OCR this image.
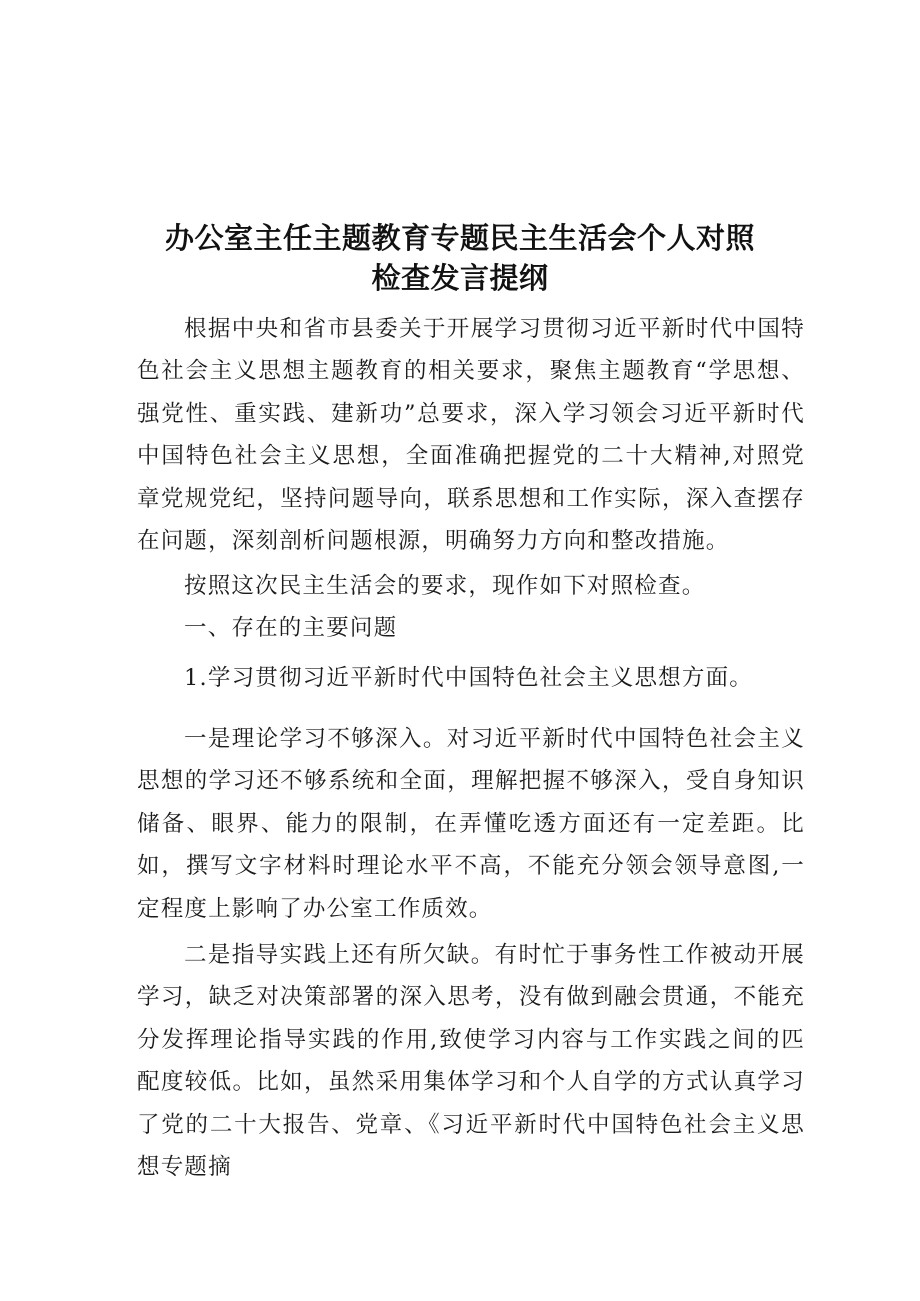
办公室主任主题教育专题民主生活会个人对照
检查发言提纲

根据中央和省市县委关于开展学习贯彻习近平新时代中国特色社会主义思想主题教育的相关要求，聚焦主题教育“学思想、强党性、重实践、建新功”总要求，深入学习领会习近平新时代中国特色社会主义思想，全面准确把握党的二十大精神,对照党章党规党纪，坚持问题导向，联系思想和工作实际，深入查摆存在问题，深刻剖析问题根源，明确努力方向和整改措施。

按照这次民主生活会的要求，现作如下对照检查。

一、存在的主要问题

1.学习贯彻习近平新时代中国特色社会主义思想方面。

一是理论学习不够深入。对习近平新时代中国特色社会主义思想的学习还不够系统和全面，理解把握不够深入，受自身知识储备、眼界、能力的限制，在弄懂吃透方面还有一定差距。比如，撰写文字材料时理论水平不高，不能充分领会领导意图,一定程度上影响了办公室工作质效。

二是指导实践上还有所欠缺。有时忙于事务性工作被动开展学习，缺乏对决策部署的深入思考，没有做到融会贯通，不能充分发挥理论指导实践的作用,致使学习内容与工作实践之间的匹配度较低。比如，虽然采用集体学习和个人自学的方式认真学习了党的二十大报告、党章、《习近平新时代中国特色社会主义思想专题摘
